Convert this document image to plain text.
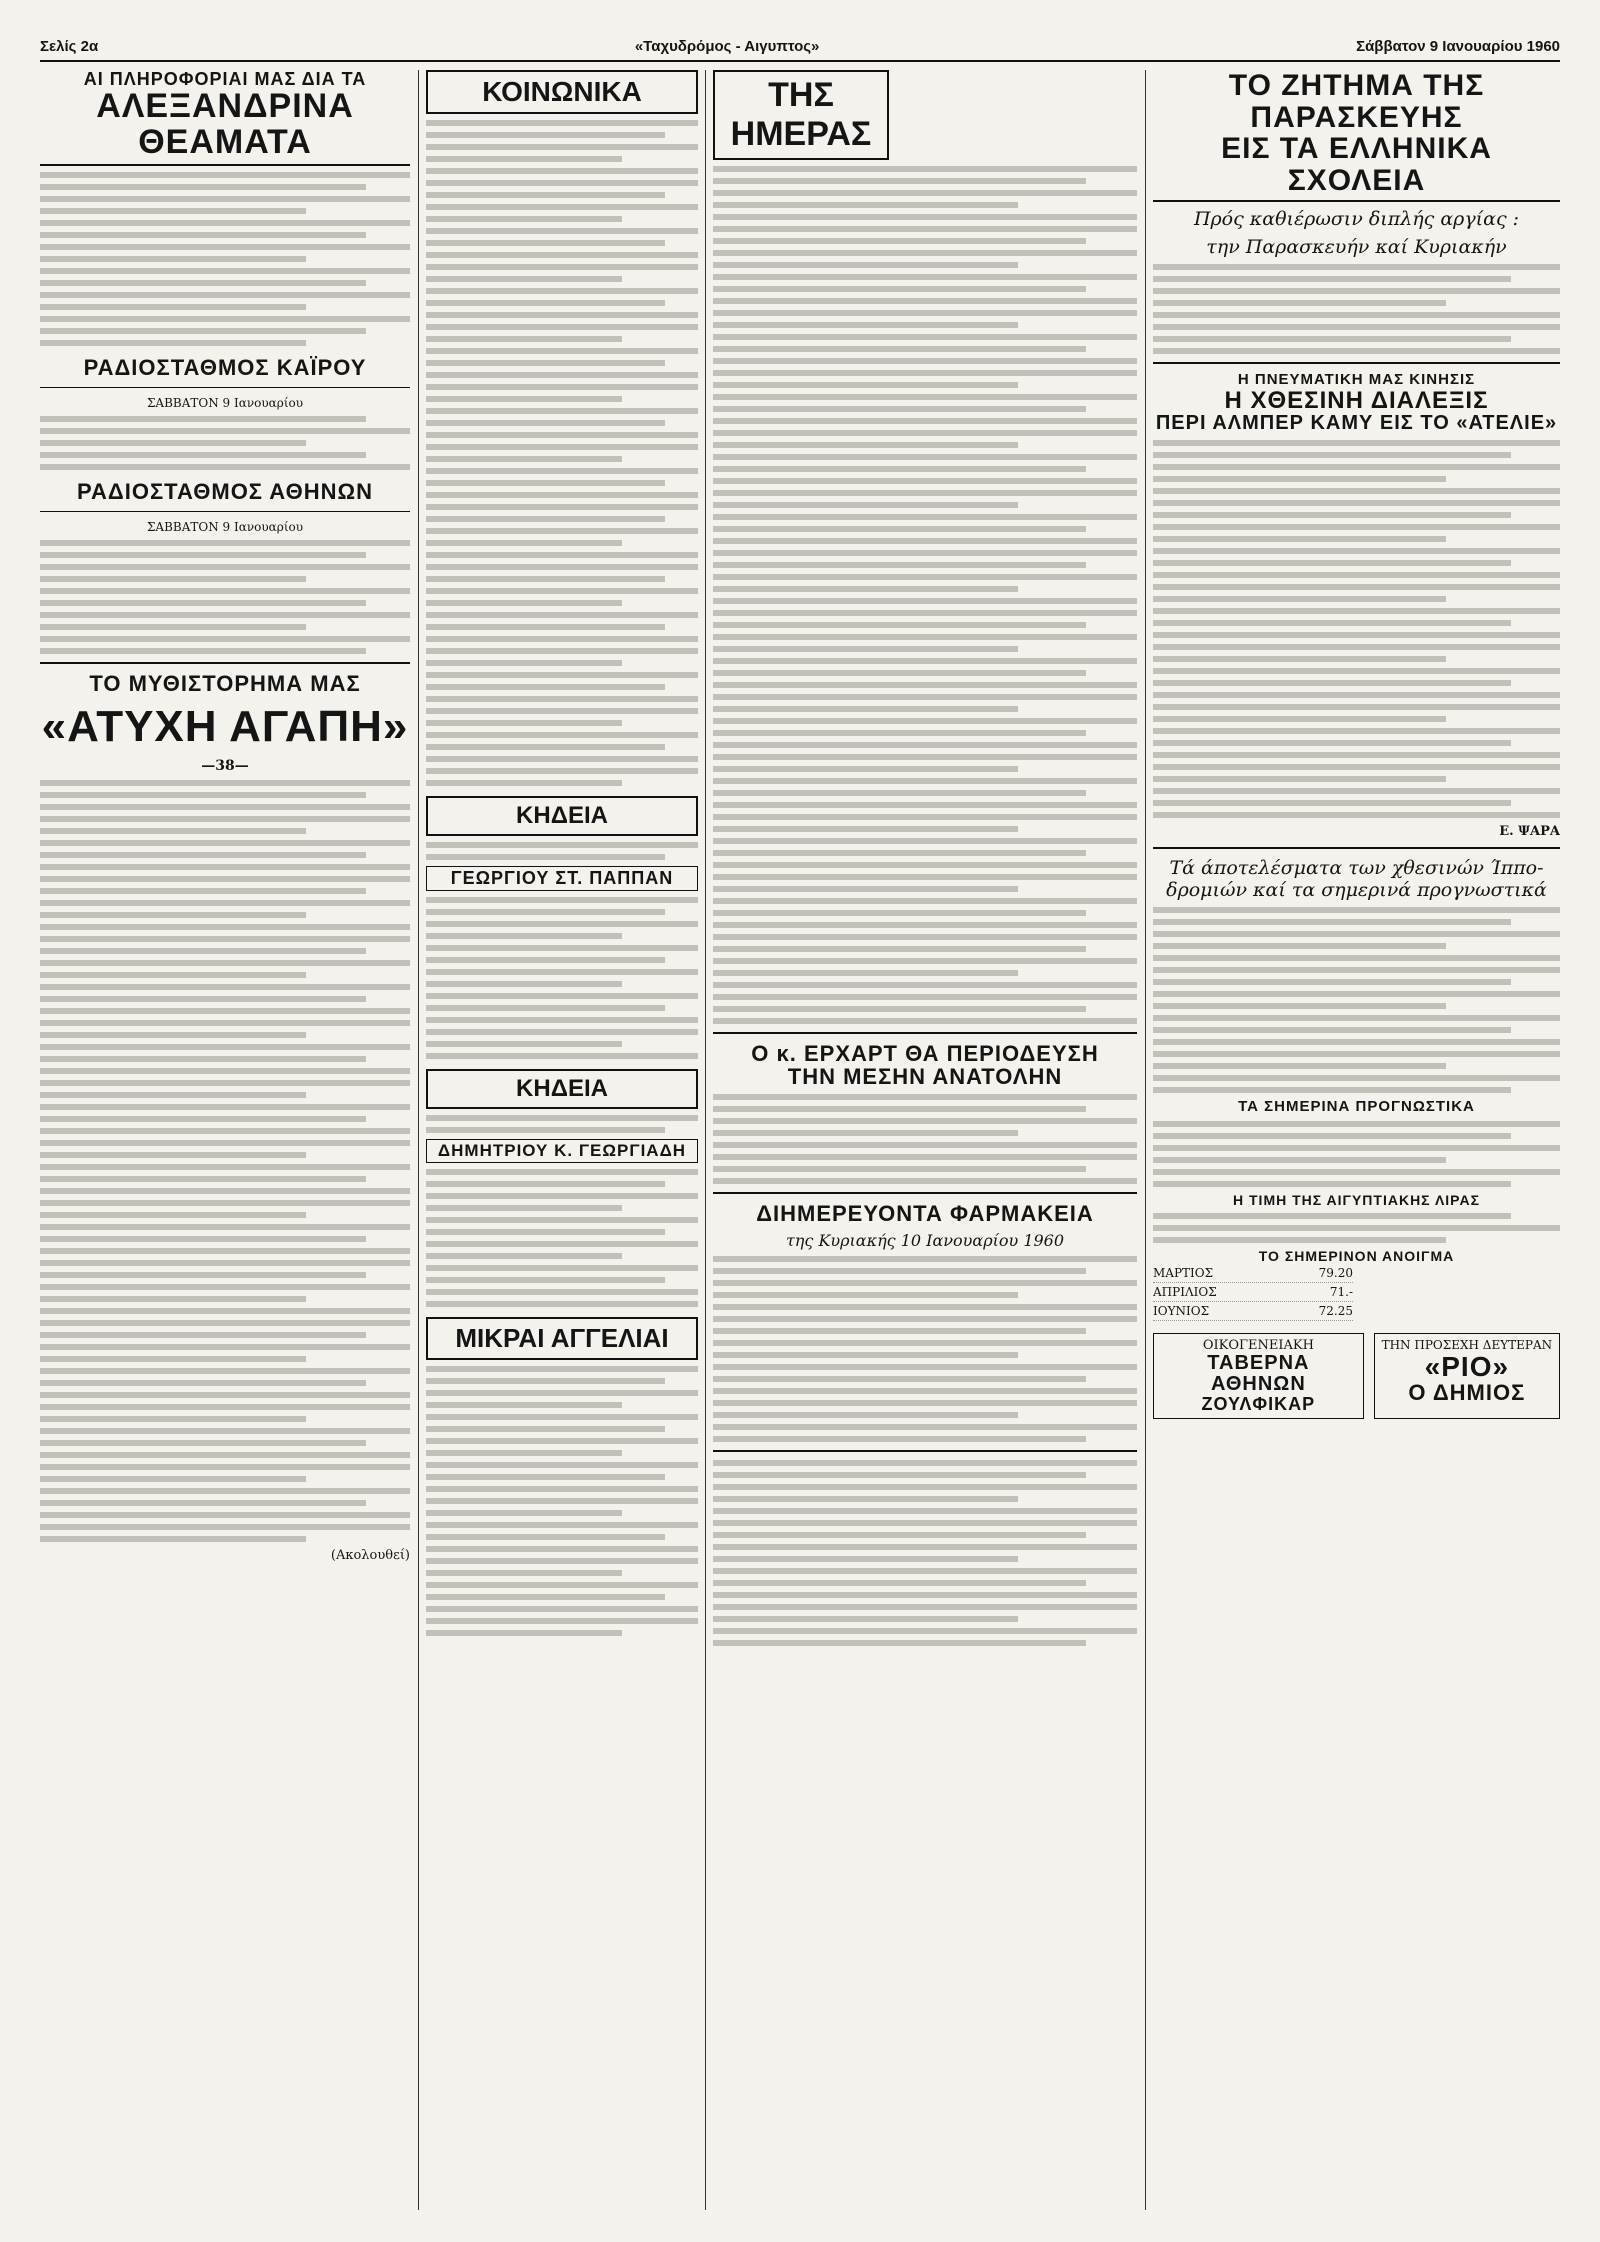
Σελίς 2α	«Ταχυδρόμος - Αιγυπτος»	Σάββατον 9 Ιανουαρίου 1960
ΑΙ ΠΛΗΡΟΦΟΡΙΑΙ ΜΑΣ ΔΙΑ ΤΑ
ΑΛΕΞΑΝΔΡΙΝΑ ΘΕΑΜΑΤΑ
ΡΑΔΙΟΣΤΑΘΜΟΣ ΚΑΪΡΟΥ
ΣΑΒΒΑΤΟΝ 9 Ιανουαρίου
ΡΑΔΙΟΣΤΑΘΜΟΣ ΑΘΗΝΩΝ
ΣΑΒΒΑΤΟΝ 9 Ιανουαρίου
ΤΟ ΜΥΘΙΣΤΟΡΗΜΑ ΜΑΣ
«ΑΤΥΧΗ ΑΓΑΠΗ»
—38—
(Ακολουθεί)
ΚΟΙΝΩΝΙΚΑ
ΚΗΔΕΙΑ
ΓΕΩΡΓΙΟΥ ΣΤ. ΠΑΠΠΑΝ
ΚΗΔΕΙΑ
ΔΗΜΗΤΡΙΟΥ Κ. ΓΕΩΡΓΙΑΔΗ
ΜΙΚΡΑΙ ΑΓΓΕΛΙΑΙ
ΤΗΣ ΗΜΕΡΑΣ
Ο κ. ΕΡΧΑΡΤ ΘΑ ΠΕΡΙΟΔΕΥΣΗ
ΤΗΝ ΜΕΣΗΝ ΑΝΑΤΟΛΗΝ
ΔΙΗΜΕΡΕΥΟΝΤΑ ΦΑΡΜΑΚΕΙΑ
της Κυριακής 10 Ιανουαρίου 1960
ΤΟ ΖΗΤΗΜΑ ΤΗΣ ΠΑΡΑΣΚΕΥΗΣ
ΕΙΣ ΤΑ ΕΛΛΗΝΙΚΑ ΣΧΟΛΕΙΑ
Πρός καθιέρωσιν διπλής αργίας :
την Παρασκευήν καί Κυριακήν
Η ΠΝΕΥΜΑΤΙΚΗ ΜΑΣ ΚΙΝΗΣΙΣ
Η ΧΘΕΣΙΝΗ ΔΙΑΛΕΞΙΣ
ΠΕΡΙ ΑΛΜΠΕΡ ΚΑΜΥ ΕΙΣ ΤΟ «ΑΤΕΛΙΕ»
Ε. ΨΑΡΑ
Τά άποτελέσματα των χθεσινών Ίππο-
δρομιών καί τα σημερινά προγνωστικά
ΤΑ ΣΗΜΕΡΙΝΑ ΠΡΟΓΝΩΣΤΙΚΑ
Η ΤΙΜΗ ΤΗΣ ΑΙΓΥΠΤΙΑΚΗΣ ΛΙΡΑΣ
ΤΟ ΣΗΜΕΡΙΝΟΝ ΑΝΟΙΓΜΑ
ΜΑΡΤΙΟΣ	79.20
ΑΠΡΙΛΙΟΣ	71.-
ΙΟΥΝΙΟΣ	72.25
ΟΙΚΟΓΕΝΕΙΑΚΗ
ΤΑΒΕΡΝΑ ΑΘΗΝΩΝ
ΖΟΥΛΦΙΚΑΡ
ΤΗΝ ΠΡΟΣΕΧΗ ΔΕΥΤΕΡΑΝ
«ΡΙΟ»
Ο ΔΗΜΙΟΣ
